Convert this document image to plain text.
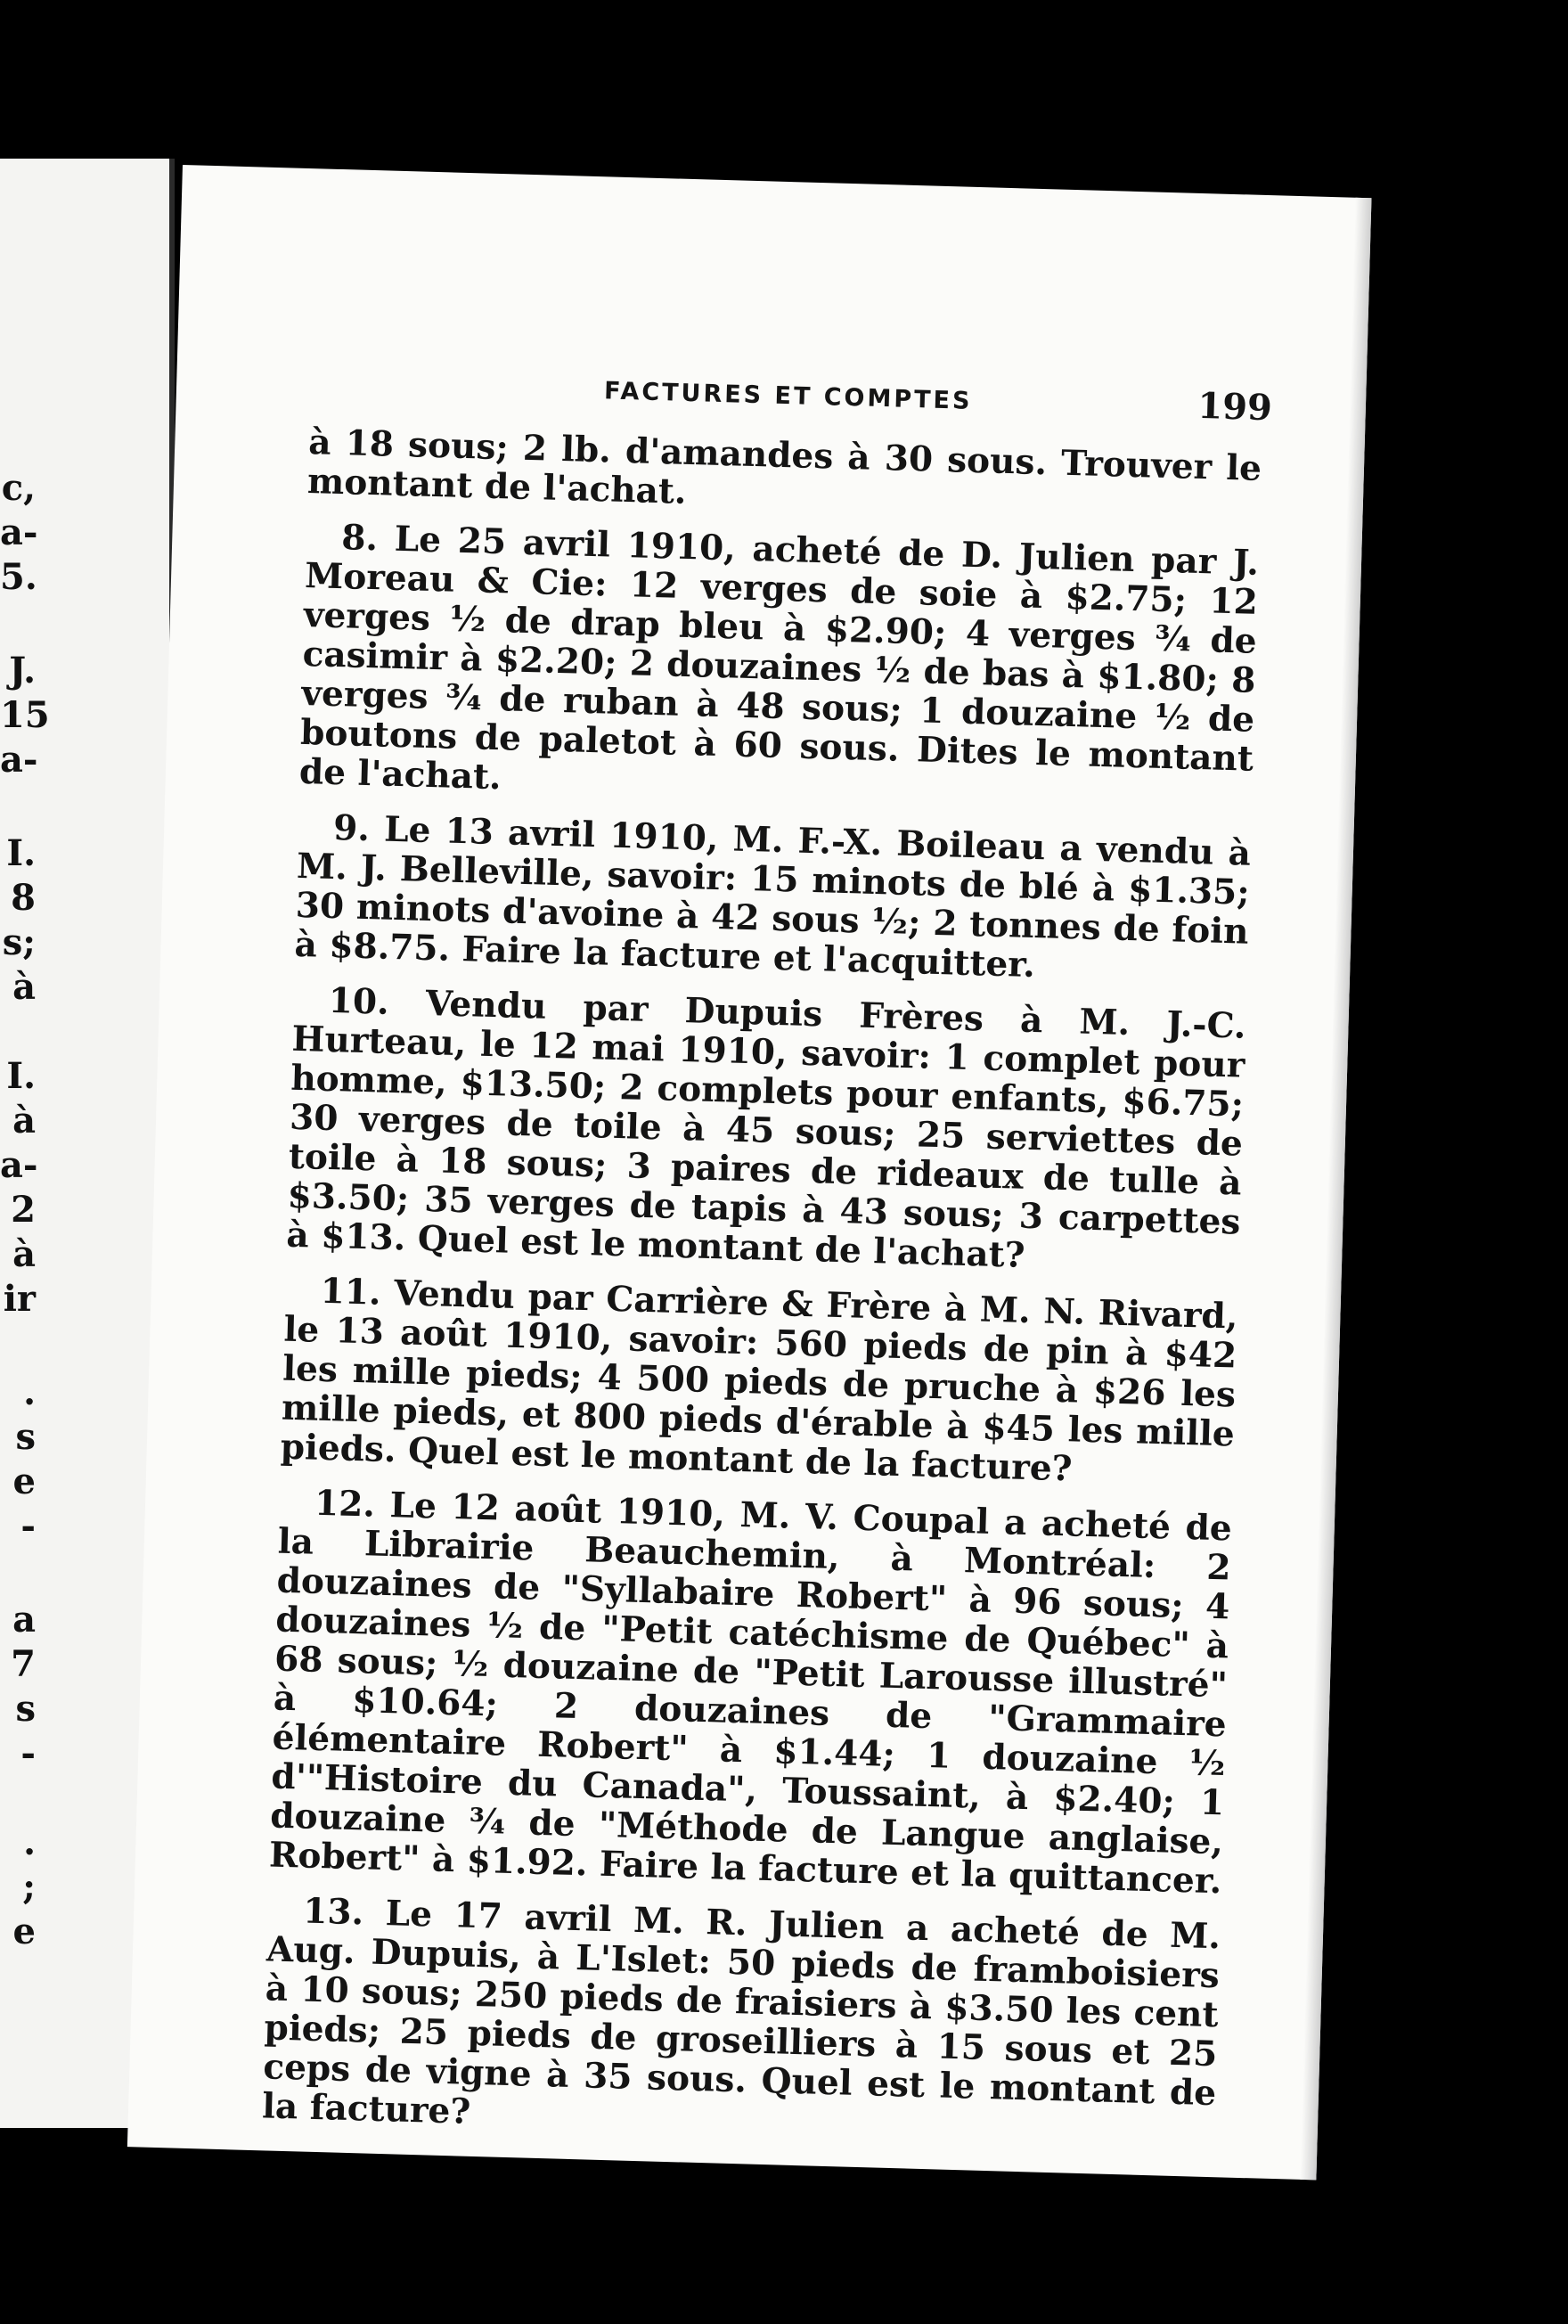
c,
a-
5.
J.
15
a-
I.
8
s;
à
I.
à
a-
2
à
ir
.
s
e
-
a
7
s
-
.
;
e
FACTURES ET COMPTES	199

à 18 sous; 2 lb. d'amandes à 30 sous. Trouver le montant de l'achat.

8. Le 25 avril 1910, acheté de D. Julien par J. Moreau & Cie: 12 verges de soie à $2.75; 12 verges ½ de drap bleu à $2.90; 4 verges ¾ de casimir à $2.20; 2 douzaines ½ de bas à $1.80; 8 verges ¾ de ruban à 48 sous; 1 douzaine ½ de boutons de paletot à 60 sous. Dites le montant de l'achat.

9. Le 13 avril 1910, M. F.-X. Boileau a vendu à M. J. Belleville, savoir: 15 minots de blé à $1.35; 30 minots d'avoine à 42 sous ½; 2 tonnes de foin à $8.75. Faire la facture et l'acquitter.

10. Vendu par Dupuis Frères à M. J.-C. Hurteau, le 12 mai 1910, savoir: 1 complet pour homme, $13.50; 2 complets pour enfants, $6.75; 30 verges de toile à 45 sous; 25 serviettes de toile à 18 sous; 3 paires de rideaux de tulle à $3.50; 35 verges de tapis à 43 sous; 3 carpettes à $13. Quel est le montant de l'achat?

11. Vendu par Carrière & Frère à M. N. Rivard, le 13 août 1910, savoir: 560 pieds de pin à $42 les mille pieds; 4 500 pieds de pruche à $26 les mille pieds, et 800 pieds d'érable à $45 les mille pieds. Quel est le montant de la facture?

12. Le 12 août 1910, M. V. Coupal a acheté de la Librairie Beauchemin, à Montréal: 2 douzaines de "Syllabaire Robert" à 96 sous; 4 douzaines ½ de "Petit catéchisme de Québec" à 68 sous; ½ douzaine de "Petit Larousse illustré" à $10.64; 2 douzaines de "Grammaire élémentaire Robert" à $1.44; 1 douzaine ½ d'"Histoire du Canada", Toussaint, à $2.40; 1 douzaine ¾ de "Méthode de Langue anglaise, Robert" à $1.92. Faire la facture et la quittancer.

13. Le 17 avril M. R. Julien a acheté de M. Aug. Dupuis, à L'Islet: 50 pieds de framboisiers à 10 sous; 250 pieds de fraisiers à $3.50 les cent pieds; 25 pieds de groseilliers à 15 sous et 25 ceps de vigne à 35 sous. Quel est le montant de la facture?
